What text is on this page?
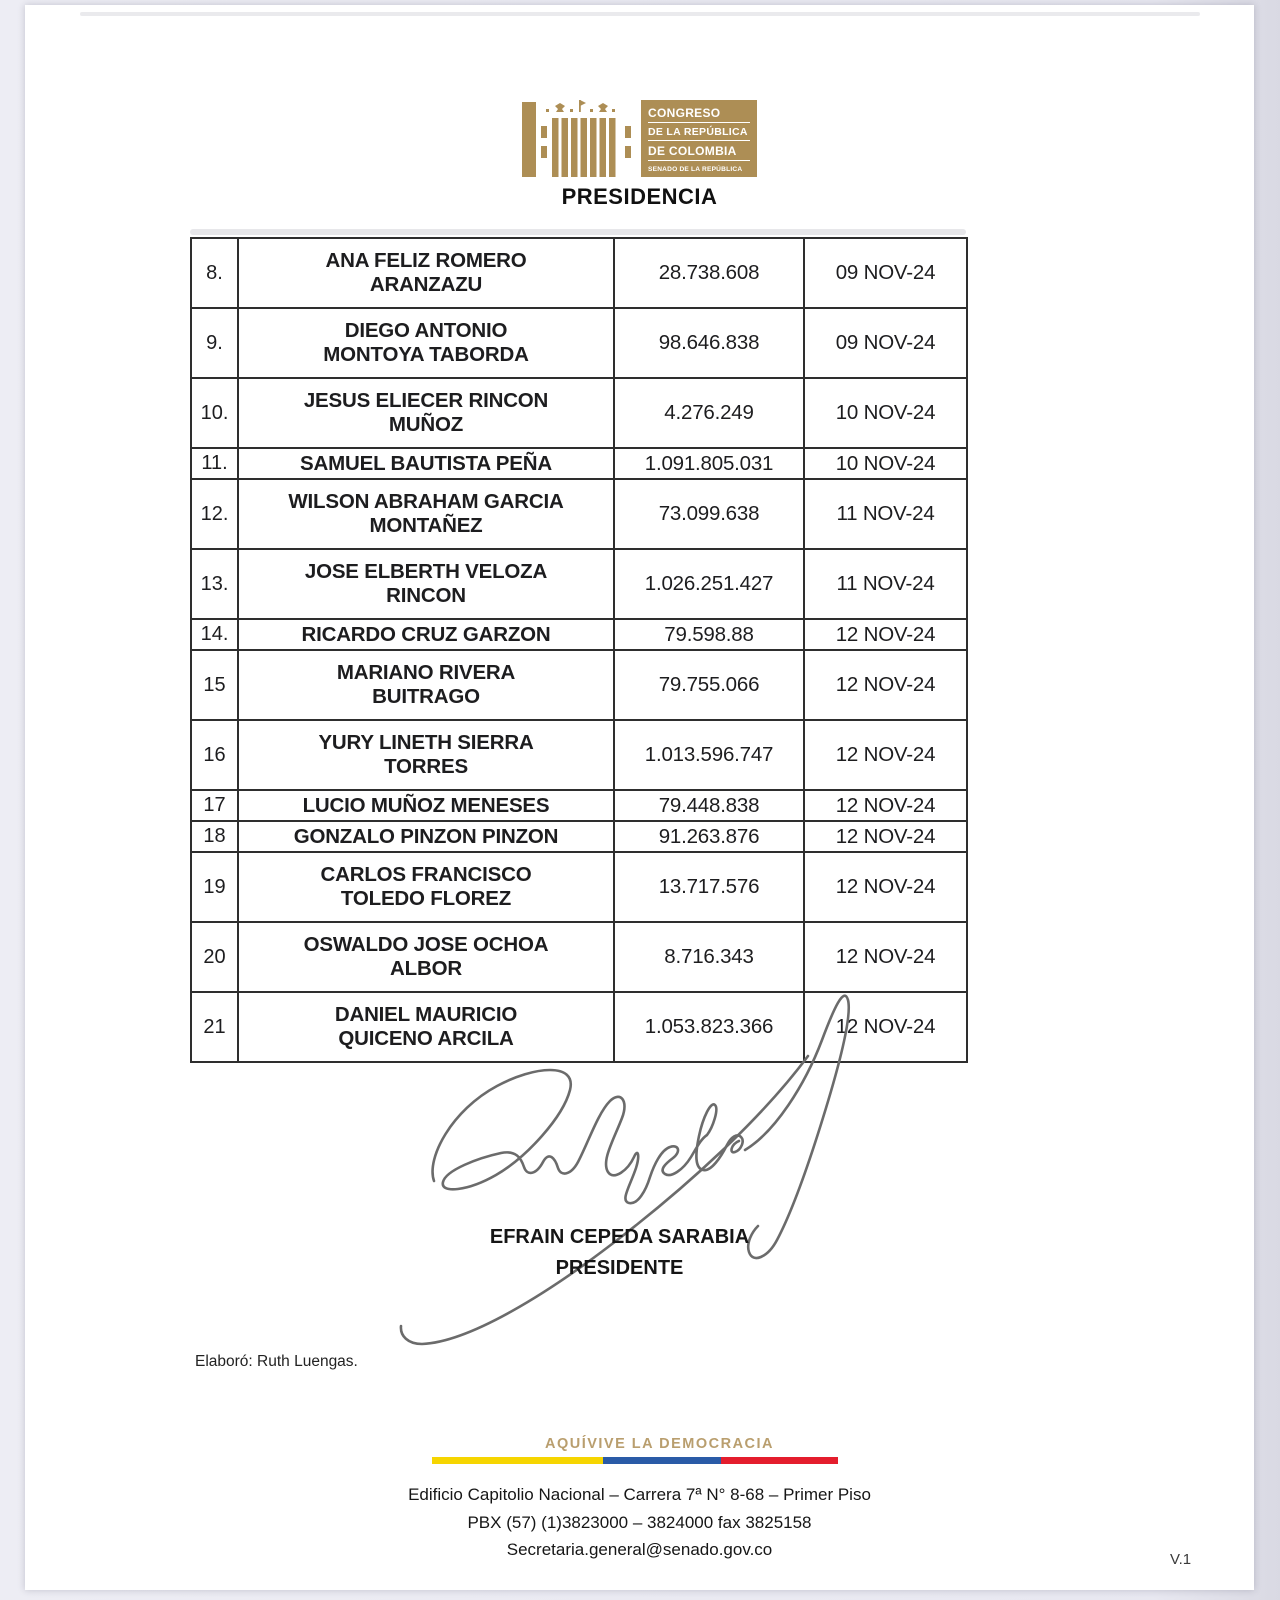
CONGRESO
DE LA REPÚBLICA
DE COLOMBIA
SENADO DE LA REPÚBLICA
PRESIDENCIA
8.	ANA FELIZ ROMERO
ARANZAZU	28.738.608	09 NOV-24
9.	DIEGO ANTONIO
MONTOYA TABORDA	98.646.838	09 NOV-24
10.	JESUS ELIECER RINCON
MUÑOZ	4.276.249	10 NOV-24
11.	SAMUEL BAUTISTA PEÑA	1.091.805.031	10 NOV-24
12.	WILSON ABRAHAM GARCIA
MONTAÑEZ	73.099.638	11 NOV-24
13.	JOSE ELBERTH VELOZA
RINCON	1.026.251.427	11 NOV-24
14.	RICARDO CRUZ GARZON	79.598.88	12 NOV-24
15	MARIANO RIVERA
BUITRAGO	79.755.066	12 NOV-24
16	YURY LINETH SIERRA
TORRES	1.013.596.747	12 NOV-24
17	LUCIO MUÑOZ MENESES	79.448.838	12 NOV-24
18	GONZALO PINZON PINZON	91.263.876	12 NOV-24
19	CARLOS FRANCISCO
TOLEDO FLOREZ	13.717.576	12 NOV-24
20	OSWALDO JOSE OCHOA
ALBOR	8.716.343	12 NOV-24
21	DANIEL MAURICIO
QUICENO ARCILA	1.053.823.366	12 NOV-24
EFRAIN CEPEDA SARABIA
PRESIDENTE
Elaboró: Ruth Luengas.
AQUÍVIVE LA DEMOCRACIA
Edificio Capitolio Nacional – Carrera 7ª N° 8-68 – Primer Piso
PBX (57) (1)3823000 – 3824000 fax 3825158
Secretaria.general@senado.gov.co
V.1
